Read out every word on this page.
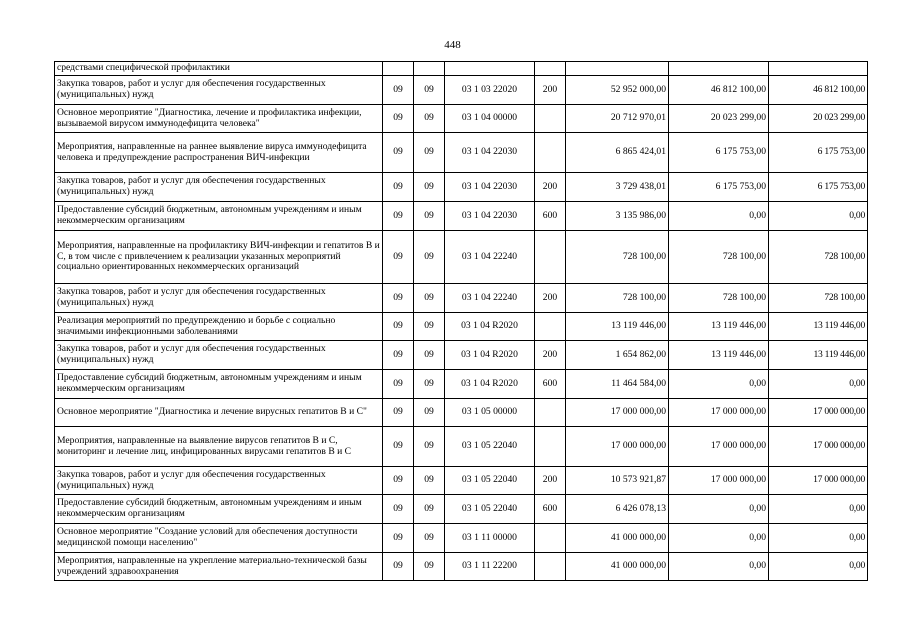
448
средствами специфической профилактики							
Закупка товаров, работ и услуг для обеспечения государственных (муниципальных) нужд	09	09	03 1 03 22020	200	52 952 000,00	46 812 100,00	46 812 100,00
Основное мероприятие "Диагностика, лечение и профилактика инфекции, вызываемой вирусом иммунодефицита человека"	09	09	03 1 04 00000		20 712 970,01	20 023 299,00	20 023 299,00
Мероприятия, направленные на раннее выявление вируса иммунодефицита человека и предупреждение распространения ВИЧ-инфекции	09	09	03 1 04 22030		6 865 424,01	6 175 753,00	6 175 753,00
Закупка товаров, работ и услуг для обеспечения государственных (муниципальных) нужд	09	09	03 1 04 22030	200	3 729 438,01	6 175 753,00	6 175 753,00
Предоставление субсидий бюджетным, автономным учреждениям и иным некоммерческим организациям	09	09	03 1 04 22030	600	3 135 986,00	0,00	0,00
Мероприятия, направленные на профилактику ВИЧ-инфекции и гепатитов В и С, в том числе с привлечением к реализации указанных мероприятий социально ориентированных некоммерческих организаций	09	09	03 1 04 22240		728 100,00	728 100,00	728 100,00
Закупка товаров, работ и услуг для обеспечения государственных (муниципальных) нужд	09	09	03 1 04 22240	200	728 100,00	728 100,00	728 100,00
Реализация мероприятий по предупреждению и борьбе с социально значимыми инфекционными заболеваниями	09	09	03 1 04 R2020		13 119 446,00	13 119 446,00	13 119 446,00
Закупка товаров, работ и услуг для обеспечения государственных (муниципальных) нужд	09	09	03 1 04 R2020	200	1 654 862,00	13 119 446,00	13 119 446,00
Предоставление субсидий бюджетным, автономным учреждениям и иным некоммерческим организациям	09	09	03 1 04 R2020	600	11 464 584,00	0,00	0,00
Основное мероприятие "Диагностика и лечение вирусных гепатитов В и С"	09	09	03 1 05 00000		17 000 000,00	17 000 000,00	17 000 000,00
Мероприятия, направленные на выявление вирусов гепатитов В и С, мониторинг и лечение лиц, инфицированных вирусами гепатитов В и С	09	09	03 1 05 22040		17 000 000,00	17 000 000,00	17 000 000,00
Закупка товаров, работ и услуг для обеспечения государственных (муниципальных) нужд	09	09	03 1 05 22040	200	10 573 921,87	17 000 000,00	17 000 000,00
Предоставление субсидий бюджетным, автономным учреждениям и иным некоммерческим организациям	09	09	03 1 05 22040	600	6 426 078,13	0,00	0,00
Основное мероприятие "Создание условий для обеспечения доступности медицинской помощи населению"	09	09	03 1 11 00000		41 000 000,00	0,00	0,00
Мероприятия, направленные на укрепление материально-технической базы учреждений здравоохранения	09	09	03 1 11 22200		41 000 000,00	0,00	0,00
